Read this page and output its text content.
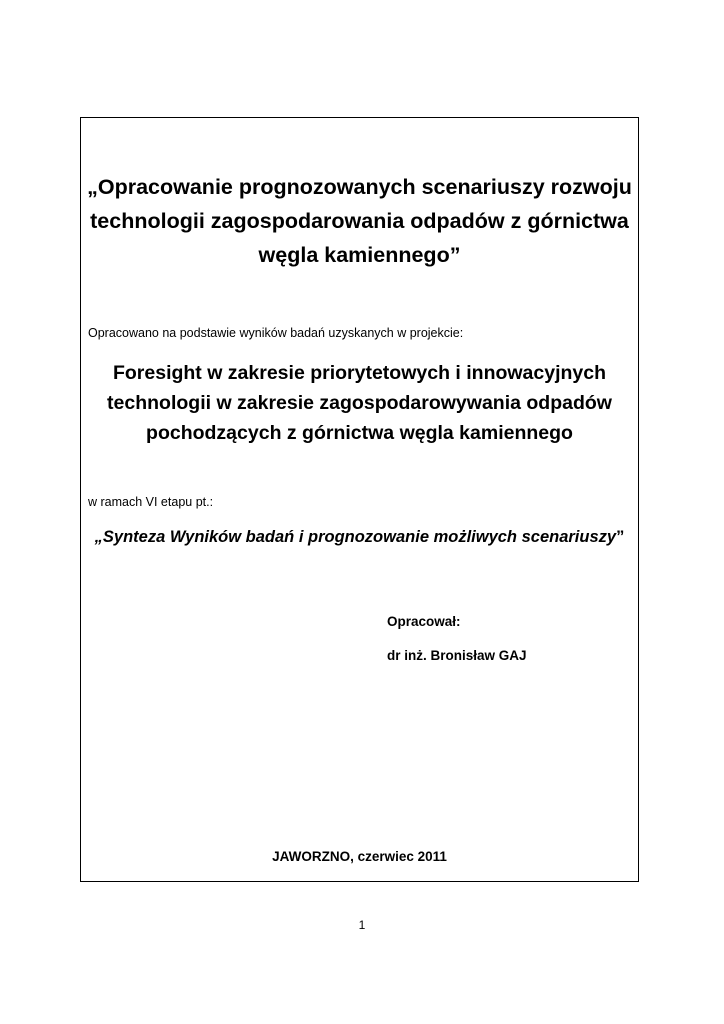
„Opracowanie prognozowanych scenariuszy rozwoju
technologii zagospodarowania odpadów z górnictwa
węgla kamiennego”

Opracowano na podstawie wyników badań uzyskanych w projekcie:

Foresight w zakresie priorytetowych i innowacyjnych
technologii w zakresie zagospodarowywania odpadów
pochodzących z górnictwa węgla kamiennego

w ramach VI etapu pt.:

„Synteza Wyników badań i prognozowanie możliwych scenariuszy”

Opracował:

dr inż. Bronisław GAJ

JAWORZNO, czerwiec 2011

1
